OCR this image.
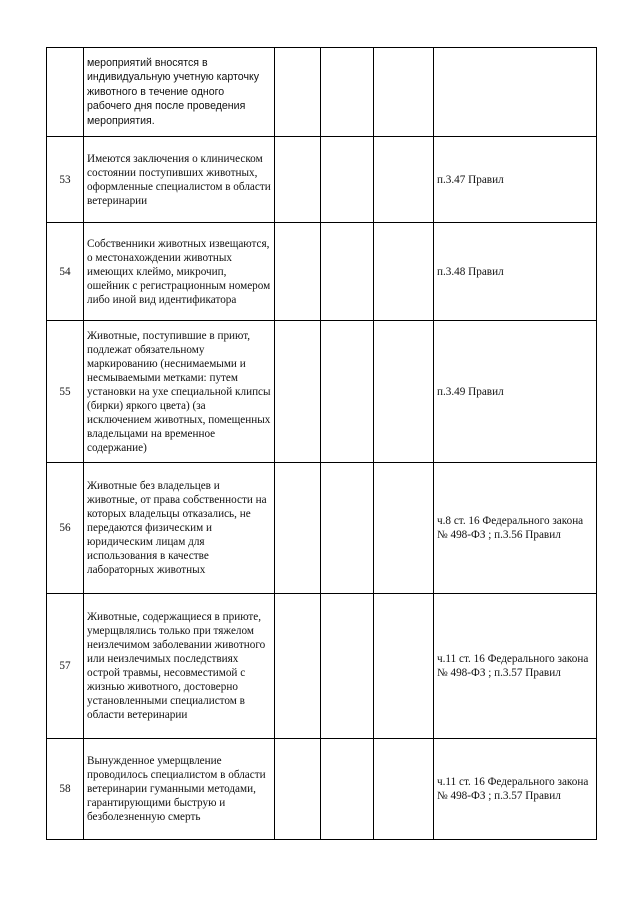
	мероприятий вносятся в индивидуальную учетную карточку животного в течение одного рабочего дня после проведения мероприятия.				
53	Имеются заключения о клиническом состоянии поступивших животных, оформленные специалистом в области ветеринарии				п.3.47 Правил
54	Собственники животных извещаются, о местонахождении животных имеющих клеймо, микрочип, ошейник с регистрационным номером либо иной вид идентификатора				п.3.48 Правил
55	Животные, поступившие в приют, подлежат обязательному маркированию (неснимаемыми и несмываемыми метками: путем установки на ухе специальной клипсы (бирки) яркого цвета) (за исключением животных, помещенных владельцами на временное содержание)				п.3.49 Правил
56	Животные без владельцев и животные, от права собственности на которых владельцы отказались, не передаются физическим и юридическим лицам для использования в качестве лабораторных животных				ч.8 ст. 16 Федерального закона № 498-ФЗ ; п.3.56 Правил
57	Животные, содержащиеся в приюте, умерщвлялись только при тяжелом неизлечимом заболевании животного или неизлечимых последствиях острой травмы, несовместимой с жизнью животного, достоверно установленными специалистом в области ветеринарии				ч.11 ст. 16 Федерального закона № 498-ФЗ ; п.3.57 Правил
58	Вынужденное умерщвление проводилось специалистом в области ветеринарии гуманными методами, гарантирующими быструю и безболезненную смерть				ч.11 ст. 16 Федерального закона № 498-ФЗ ; п.3.57 Правил
